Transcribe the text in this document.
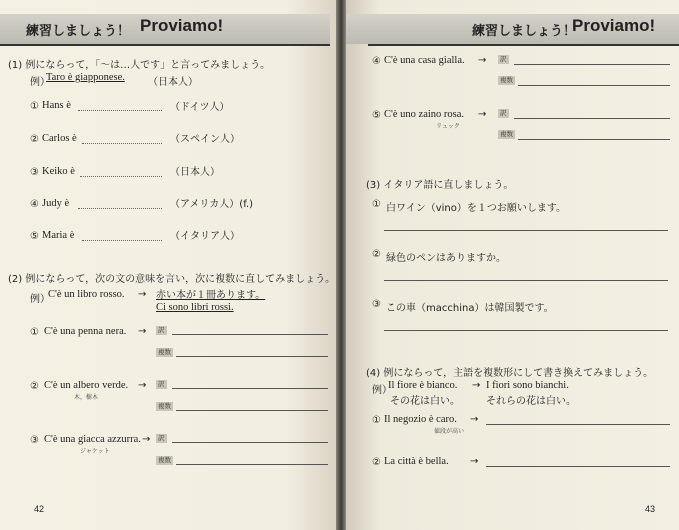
練習しましょう！ Proviamo!
(1) 例にならって，「～は…人です」と言ってみましょう。
例）
Taro è giapponese. （日本人）
① Hans è	（ドイツ人）
② Carlos è	（スペイン人）
③ Keiko è	（日本人）
④ Judy è	（アメリカ人）(f.)
⑤ Maria è	（イタリア人）
(2) 例にならって，次の文の意味を言い，次に複数に直してみましょう。
例）
C'è un libro rosso. → 赤い本が１冊あります。
Ci sono libri rossi.
① C'è una penna nera. →	訳
複数
② C'è un albero verde.
木，樹木
→	訳
複数
③ C'è una giacca azzurra.
ジャケット
→	訳
複数
42
練習しましょう！
Proviamo!
④ C'è una casa gialla. →	訳
複数
⑤ C'è uno zaino rosa.
リュック
→	訳
複数
(3) イタリア語に直しましょう。
① 白ワイン（vino）を１つお願いします。
② 緑色のペンはありますか。
③ この車（macchina）は韓国製です。
(4) 例にならって，主語を複数形にして書き換えてみましょう。
例）
Il fiore è bianco. → I fiori sono bianchi.
その花は白い。	それらの花は白い。
① Il negozio è caro.
値段が高い
→
② La città è bella. →
43
